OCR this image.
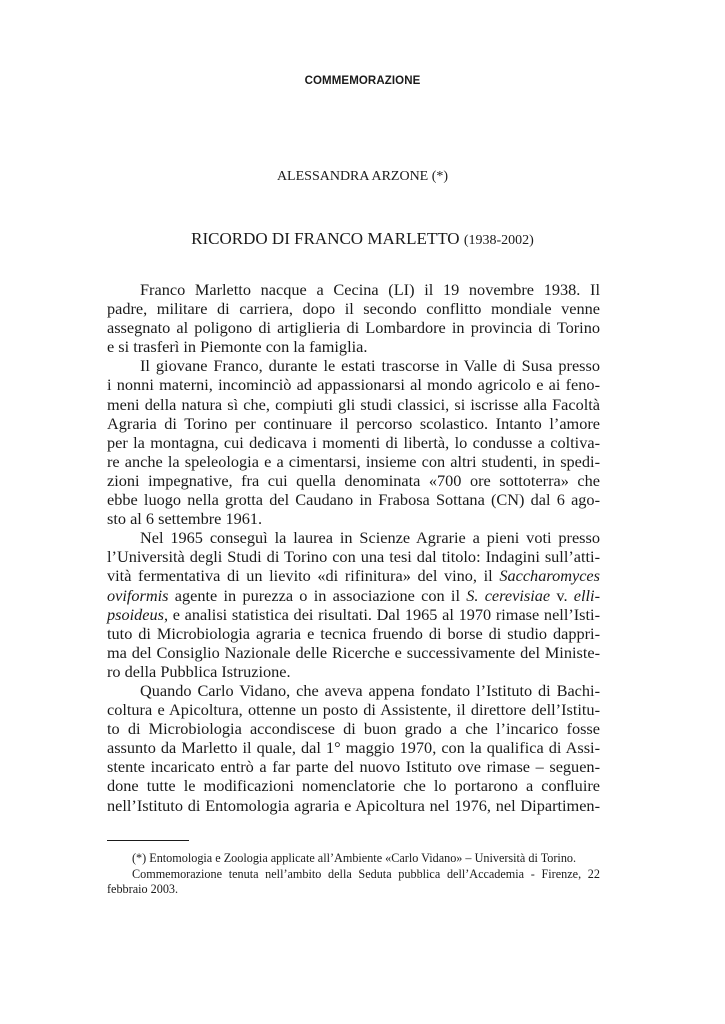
COMMEMORAZIONE
ALESSANDRA ARZONE (*)
RICORDO DI FRANCO MARLETTO (1938-2002)
Franco Marletto nacque a Cecina (LI) il 19 novembre 1938. Il
padre, militare di carriera, dopo il secondo conflitto mondiale venne
assegnato al poligono di artiglieria di Lombardore in provincia di Torino
e si trasferì in Piemonte con la famiglia.
Il giovane Franco, durante le estati trascorse in Valle di Susa presso
i nonni materni, incominciò ad appassionarsi al mondo agricolo e ai feno-
meni della natura sì che, compiuti gli studi classici, si iscrisse alla Facoltà
Agraria di Torino per continuare il percorso scolastico. Intanto l’amore
per la montagna, cui dedicava i momenti di libertà, lo condusse a coltiva-
re anche la speleologia e a cimentarsi, insieme con altri studenti, in spedi-
zioni impegnative, fra cui quella denominata «700 ore sottoterra» che
ebbe luogo nella grotta del Caudano in Frabosa Sottana (CN) dal 6 ago-
sto al 6 settembre 1961.
Nel 1965 conseguì la laurea in Scienze Agrarie a pieni voti presso
l’Università degli Studi di Torino con una tesi dal titolo: Indagini sull’atti-
vità fermentativa di un lievito «di rifinitura» del vino, il Saccharomyces
oviformis agente in purezza o in associazione con il S. cerevisiae v. elli-
psoideus, e analisi statistica dei risultati. Dal 1965 al 1970 rimase nell’Isti-
tuto di Microbiologia agraria e tecnica fruendo di borse di studio dappri-
ma del Consiglio Nazionale delle Ricerche e successivamente del Ministe-
ro della Pubblica Istruzione.
Quando Carlo Vidano, che aveva appena fondato l’Istituto di Bachi-
coltura e Apicoltura, ottenne un posto di Assistente, il direttore dell’Istitu-
to di Microbiologia accondiscese di buon grado a che l’incarico fosse
assunto da Marletto il quale, dal 1° maggio 1970, con la qualifica di Assi-
stente incaricato entrò a far parte del nuovo Istituto ove rimase – seguen-
done tutte le modificazioni nomenclatorie che lo portarono a confluire
nell’Istituto di Entomologia agraria e Apicoltura nel 1976, nel Dipartimen-
(*) Entomologia e Zoologia applicate all’Ambiente «Carlo Vidano» – Università di Torino.
Commemorazione tenuta nell’ambito della Seduta pubblica dell’Accademia - Firenze, 22
febbraio 2003.
